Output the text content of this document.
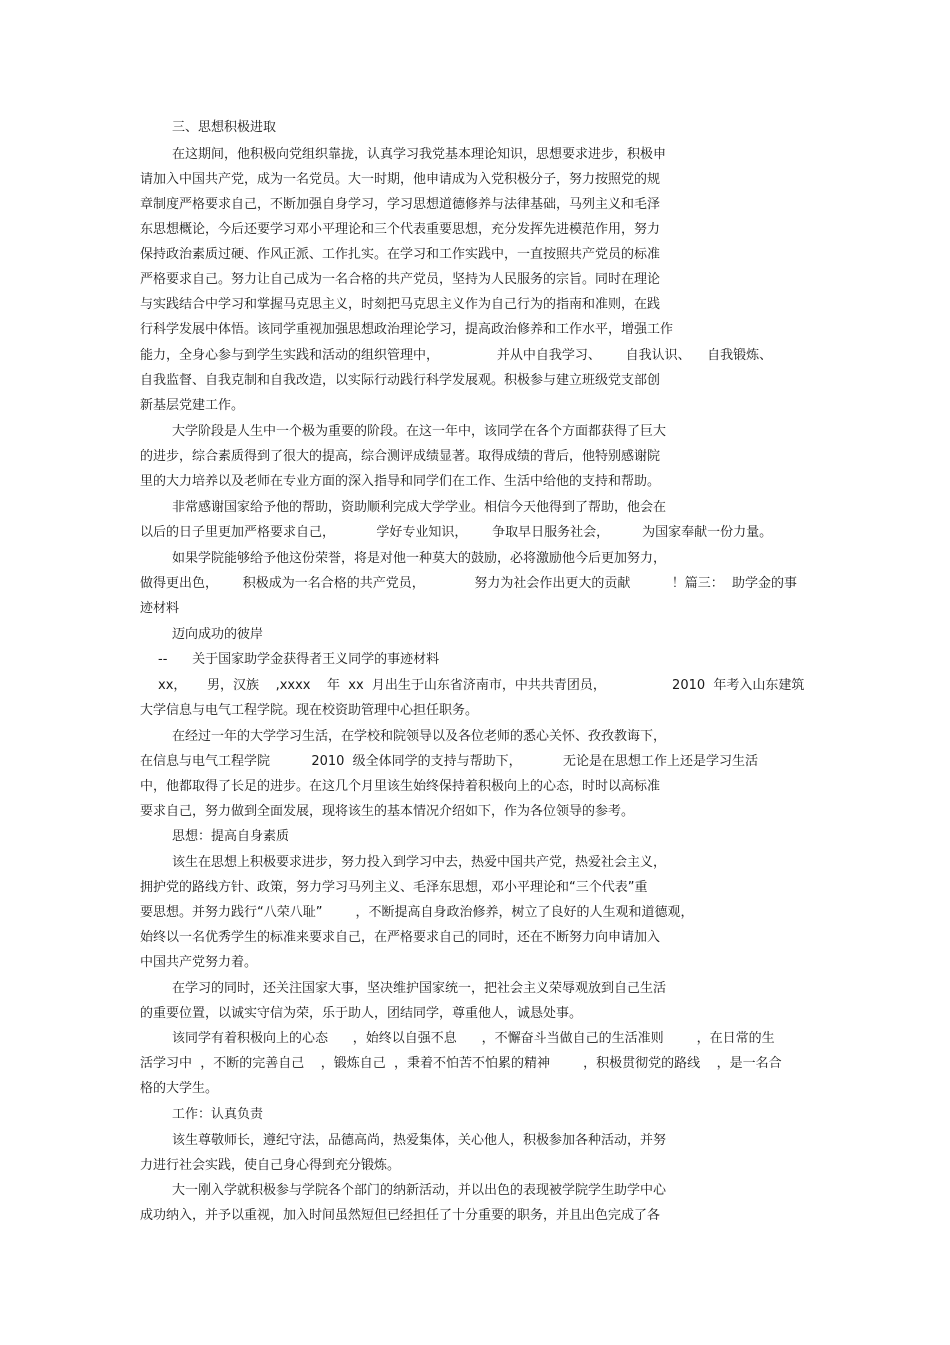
三、思想积极进取

在这期间，他积极向党组织靠拢，认真学习我党基本理论知识，思想要求进步，积极申

请加入中国共产党，成为一名党员。大一时期，他申请成为入党积极分子，努力按照党的规

章制度严格要求自己，不断加强自身学习，学习思想道德修养与法律基础，马列主义和毛泽

东思想概论，今后还要学习邓小平理论和三个代表重要思想，充分发挥先进模范作用，努力

保持政治素质过硬、作风正派、工作扎实。在学习和工作实践中，一直按照共产党员的标准

严格要求自己。努力让自己成为一名合格的共产党员，坚持为人民服务的宗旨。同时在理论

与实践结合中学习和掌握马克思主义，时刻把马克思主义作为自己行为的指南和准则，在践

行科学发展中体悟。该同学重视加强思想政治理论学习，提高政治修养和工作水平，增强工作

能力，全身心参与到学生实践和活动的组织管理中，              并从中自我学习、      自我认识、    自我锻炼、

自我监督、自我克制和自我改造，以实际行动践行科学发展观。积极参与建立班级党支部创

新基层党建工作。

大学阶段是人生中一个极为重要的阶段。在这一年中，该同学在各个方面都获得了巨大

的进步，综合素质得到了很大的提高，综合测评成绩显著。取得成绩的背后，他特别感谢院

里的大力培养以及老师在专业方面的深入指导和同学们在工作、生活中给他的支持和帮助。

非常感谢国家给予他的帮助，资助顺利完成大学学业。相信今天他得到了帮助，他会在

以后的日子里更加严格要求自己，          学好专业知识，      争取早日服务社会，        为国家奉献一份力量。

如果学院能够给予他这份荣誉，将是对他一种莫大的鼓励，必将激励他今后更加努力，

做得更出色，      积极成为一名合格的共产党员，            努力为社会作出更大的贡献          ！篇三：  助学金的事

迹材料

迈向成功的彼岸

--      关于国家助学金获得者王义同学的事迹材料

xx，     男，汉族    ,xxxx    年  xx  月出生于山东省济南市，中共共青团员，                2010  年考入山东建筑

大学信息与电气工程学院。现在校资助管理中心担任职务。

在经过一年的大学学习生活，在学校和院领导以及各位老师的悉心关怀、孜孜教诲下，

在信息与电气工程学院          2010  级全体同学的支持与帮助下，          无论是在思想工作上还是学习生活

中，他都取得了长足的进步。在这几个月里该生始终保持着积极向上的心态，时时以高标准

要求自己，努力做到全面发展，现将该生的基本情况介绍如下，作为各位领导的参考。

思想：提高自身素质

该生在思想上积极要求进步，努力投入到学习中去，热爱中国共产党，热爱社会主义，

拥护党的路线方针、政策，努力学习马列主义、毛泽东思想，邓小平理论和“三个代表”重

要思想。并努力践行“八荣八耻”        ，不断提高自身政治修养，树立了良好的人生观和道德观，

始终以一名优秀学生的标准来要求自己，在严格要求自己的同时，还在不断努力向申请加入

中国共产党努力着。

在学习的同时，还关注国家大事，坚决维护国家统一，把社会主义荣辱观放到自己生活

的重要位置，以诚实守信为荣，乐于助人，团结同学，尊重他人，诚恳处事。

该同学有着积极向上的心态      ，始终以自强不息      ，不懈奋斗当做自己的生活准则        ，在日常的生

活学习中  ，不断的完善自己    ，锻炼自己  ，秉着不怕苦不怕累的精神        ，积极贯彻党的路线    ，是一名合

格的大学生。

工作：认真负责

该生尊敬师长，遵纪守法，品德高尚，热爱集体，关心他人，积极参加各种活动，并努

力进行社会实践，使自己身心得到充分锻炼。

大一刚入学就积极参与学院各个部门的纳新活动，并以出色的表现被学院学生助学中心

成功纳入，并予以重视，加入时间虽然短但已经担任了十分重要的职务，并且出色完成了各
